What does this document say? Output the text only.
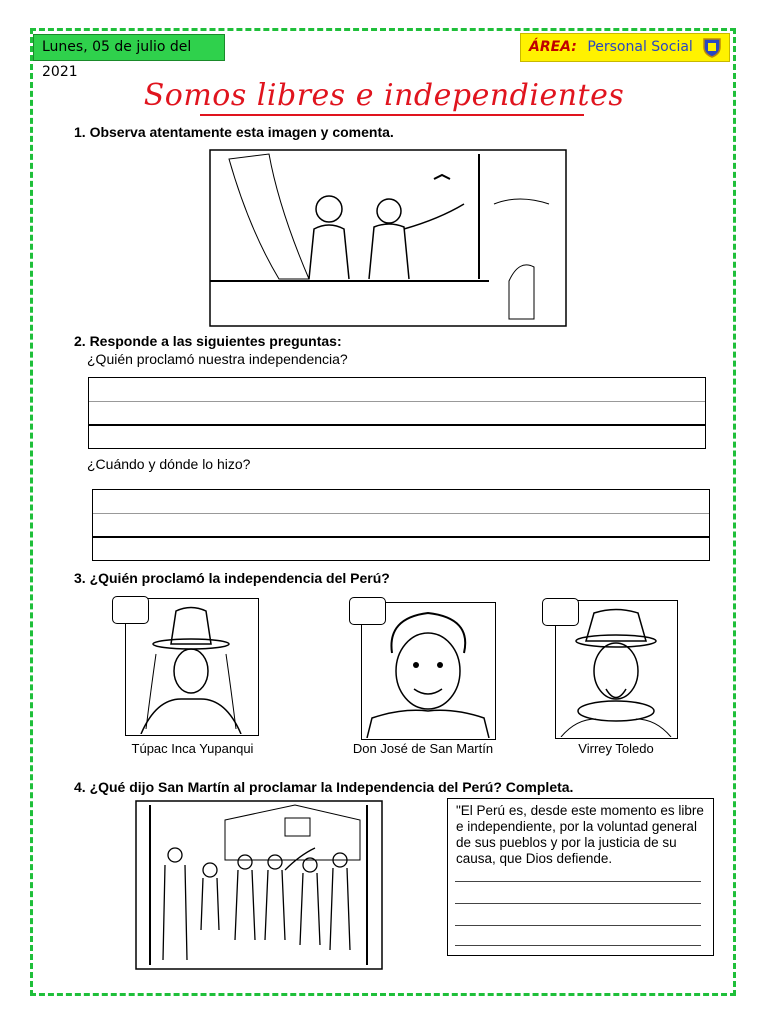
Lunes, 05 de julio del 2021
ÁREA: Personal Social
Somos libres e independientes
1. Observa atentamente esta imagen y comenta.
2. Responde a las siguientes preguntas:
¿Quién proclamó nuestra independencia?
¿Cuándo y dónde lo hizo?
3. ¿Quién proclamó la independencia del Perú?
Túpac Inca Yupanqui	Don José de San Martín	Virrey Toledo
4. ¿Qué dijo San Martín al proclamar la Independencia del Perú? Completa.
"El Perú es, desde este momento es libre e independiente, por la voluntad general de sus pueblos y por la justicia de su causa, que Dios defiende.
